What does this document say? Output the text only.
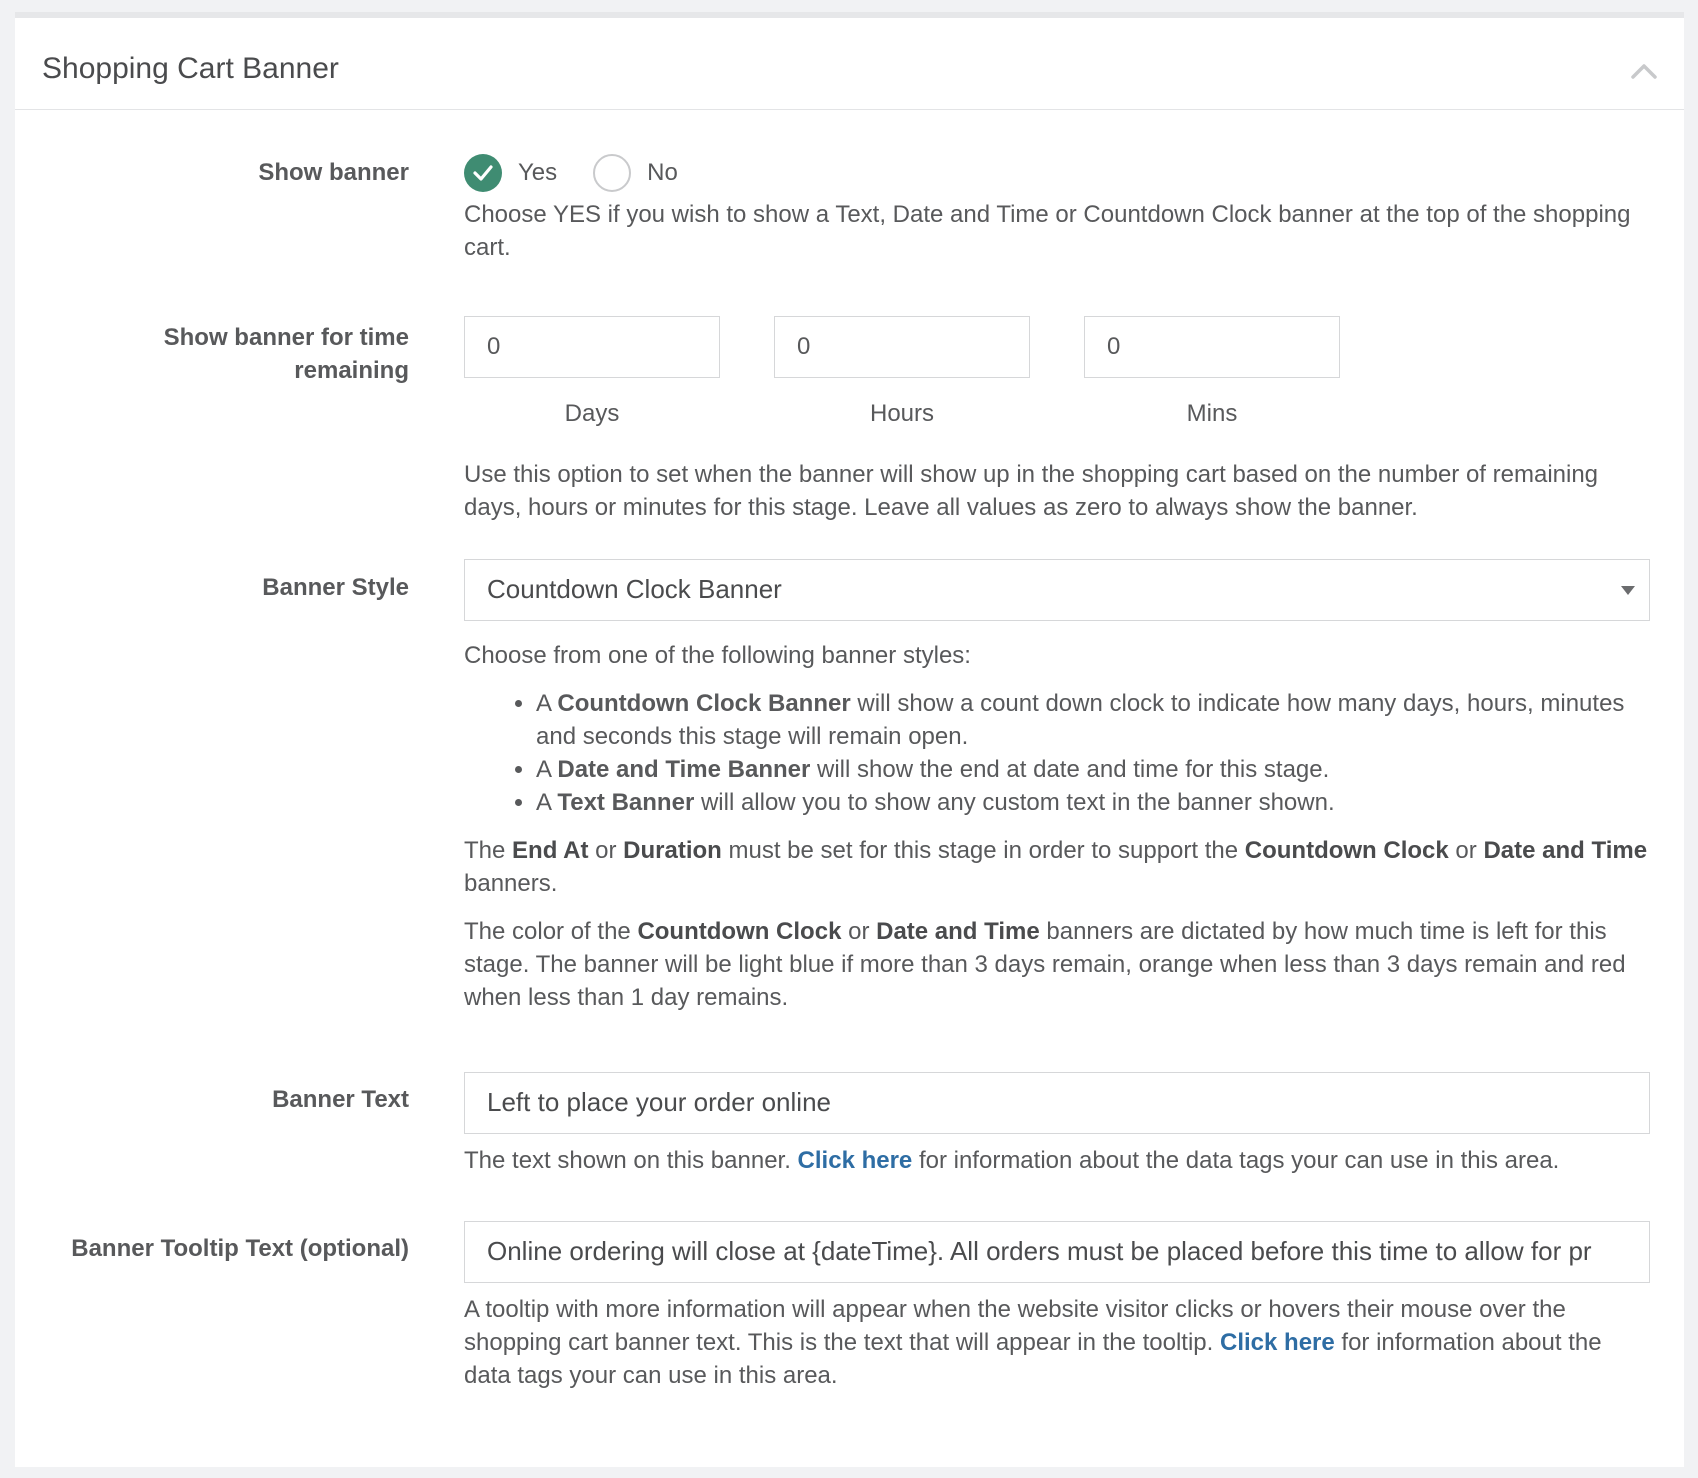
Shopping Cart Banner
Show banner	Yes	No

Choose YES if you wish to show a Text, Date and Time or Countdown Clock banner at the top of the shopping cart.

Show banner for time remaining
0	0	0
Days	Hours	Mins

Use this option to set when the banner will show up in the shopping cart based on the number of remaining days, hours or minutes for this stage. Leave all values as zero to always show the banner.

Banner Style	Countdown Clock Banner

Choose from one of the following banner styles:

• A Countdown Clock Banner will show a count down clock to indicate how many days, hours, minutes and seconds this stage will remain open.
• A Date and Time Banner will show the end at date and time for this stage.
• A Text Banner will allow you to show any custom text in the banner shown.

The End At or Duration must be set for this stage in order to support the Countdown Clock or Date and Time banners.

The color of the Countdown Clock or Date and Time banners are dictated by how much time is left for this stage. The banner will be light blue if more than 3 days remain, orange when less than 3 days remain and red when less than 1 day remains.

Banner Text	Left to place your order online

The text shown on this banner. Click here for information about the data tags your can use in this area.

Banner Tooltip Text (optional)	Online ordering will close at {dateTime}. All orders must be placed before this time to allow for pr

A tooltip with more information will appear when the website visitor clicks or hovers their mouse over the shopping cart banner text. This is the text that will appear in the tooltip. Click here for information about the data tags your can use in this area.
